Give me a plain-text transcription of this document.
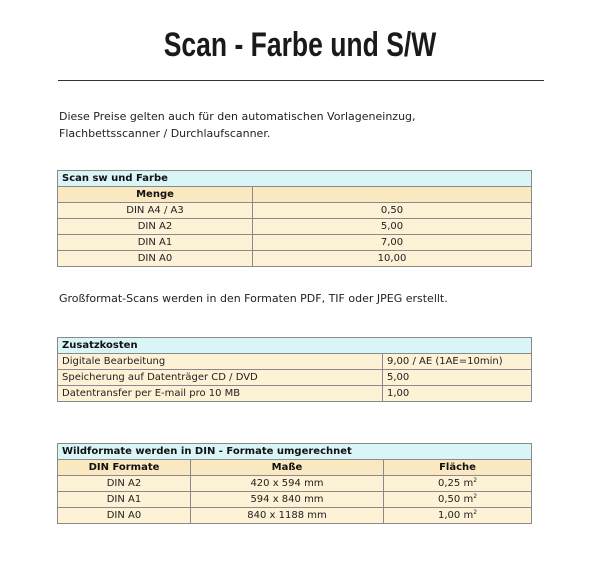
Scan - Farbe und S/W
Diese Preise gelten auch für den automatischen Vorlageneinzug,
Flachbettsscanner / Durchlaufscanner.
Scan sw und Farbe	
Menge	
DIN A4 / A3	0,50
DIN A2	5,00
DIN A1	7,00
DIN A0	10,00
Großformat-Scans werden in den Formaten PDF, TIF oder JPEG erstellt.
Zusatzkosten	
Digitale Bearbeitung	9,00 / AE (1AE=10min)
Speicherung auf Datenträger CD / DVD	5,00
Datentransfer per E-mail pro 10 MB	1,00
Wildformate werden in DIN - Formate umgerechnet		
DIN Formate	Maße	Fläche
DIN A2	420 x 594 mm	0,25 $m^2$
DIN A1	594 x 840 mm	0,50 $m^2$
DIN A0	840 x 1188 mm	1,00 $m^2$
